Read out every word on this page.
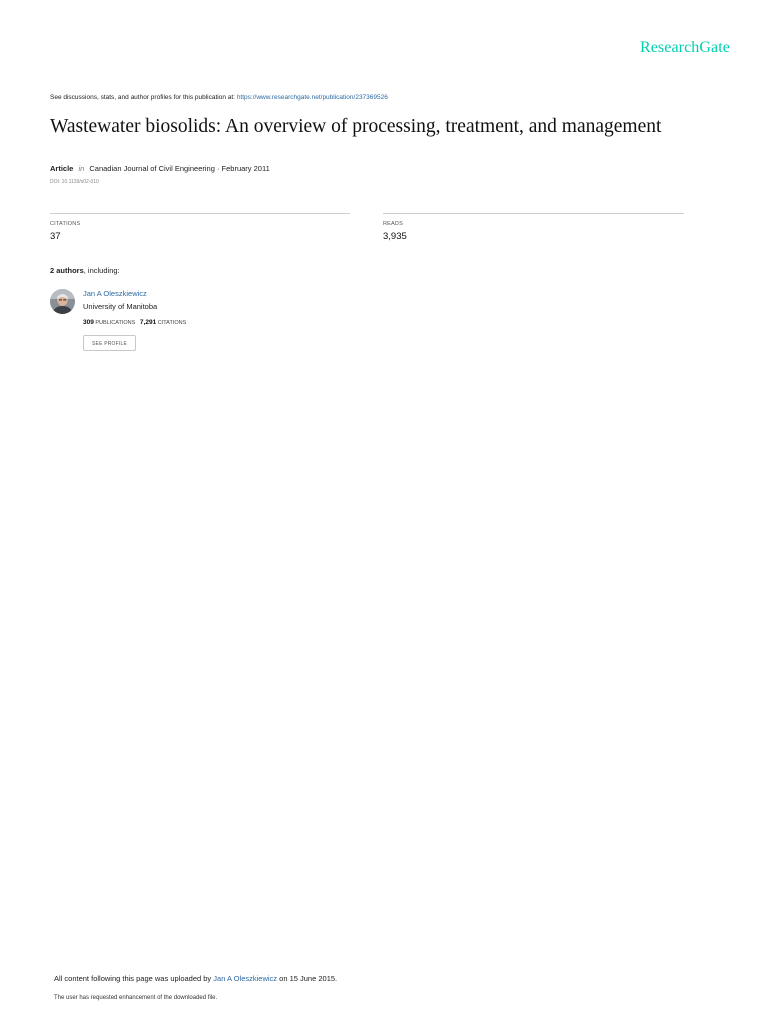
ResearchGate
See discussions, stats, and author profiles for this publication at: https://www.researchgate.net/publication/237369526
Wastewater biosolids: An overview of processing, treatment, and management
Article in Canadian Journal of Civil Engineering · February 2011
DOI: 10.1139/s02-010
CITATIONS
37
READS
3,935
2 authors, including:
Jan A Oleszkiewicz
University of Manitoba
309 PUBLICATIONS 7,291 CITATIONS
SEE PROFILE
All content following this page was uploaded by Jan A Oleszkiewicz on 15 June 2015.
The user has requested enhancement of the downloaded file.
